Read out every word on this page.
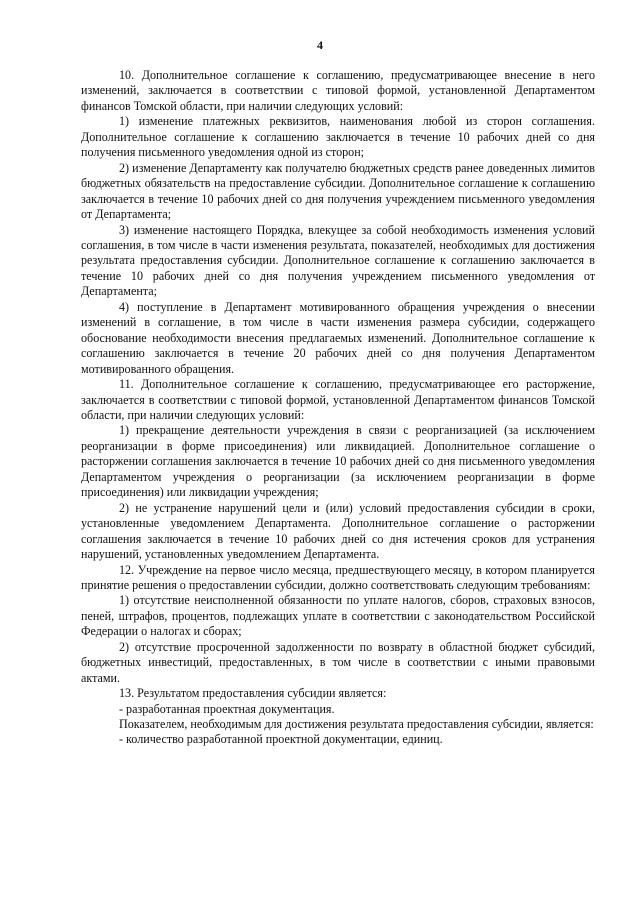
4

10. Дополнительное соглашение к соглашению, предусматривающее внесение в него изменений, заключается в соответствии с типовой формой, установленной Департаментом финансов Томской области, при наличии следующих условий:

1) изменение платежных реквизитов, наименования любой из сторон соглашения. Дополнительное соглашение к соглашению заключается в течение 10 рабочих дней со дня получения письменного уведомления одной из сторон;

2) изменение Департаменту как получателю бюджетных средств ранее доведенных лимитов бюджетных обязательств на предоставление субсидии. Дополнительное соглашение к соглашению заключается в течение 10 рабочих дней со дня получения учреждением письменного уведомления от Департамента;

3) изменение настоящего Порядка, влекущее за собой необходимость изменения условий соглашения, в том числе в части изменения результата, показателей, необходимых для достижения результата предоставления субсидии. Дополнительное соглашение к соглашению заключается в течение 10 рабочих дней со дня получения учреждением письменного уведомления от Департамента;

4) поступление в Департамент мотивированного обращения учреждения о внесении изменений в соглашение, в том числе в части изменения размера субсидии, содержащего обоснование необходимости внесения предлагаемых изменений. Дополнительное соглашение к соглашению заключается в течение 20 рабочих дней со дня получения Департаментом мотивированного обращения.

11. Дополнительное соглашение к соглашению, предусматривающее его расторжение, заключается в соответствии с типовой формой, установленной Департаментом финансов Томской области, при наличии следующих условий:

1) прекращение деятельности учреждения в связи с реорганизацией (за исключением реорганизации в форме присоединения) или ликвидацией. Дополнительное соглашение о расторжении соглашения заключается в течение 10 рабочих дней со дня письменного уведомления Департаментом учреждения о реорганизации (за исключением реорганизации в форме присоединения) или ликвидации учреждения;

2) не устранение нарушений цели и (или) условий предоставления субсидии в сроки, установленные уведомлением Департамента. Дополнительное соглашение о расторжении соглашения заключается в течение 10 рабочих дней со дня истечения сроков для устранения нарушений, установленных уведомлением Департамента.

12. Учреждение на первое число месяца, предшествующего месяцу, в котором планируется принятие решения о предоставлении субсидии, должно соответствовать следующим требованиям:

1) отсутствие неисполненной обязанности по уплате налогов, сборов, страховых взносов, пеней, штрафов, процентов, подлежащих уплате в соответствии с законодательством Российской Федерации о налогах и сборах;

2) отсутствие просроченной задолженности по возврату в областной бюджет субсидий, бюджетных инвестиций, предоставленных, в том числе в соответствии с иными правовыми актами.

13. Результатом предоставления субсидии является:

- разработанная проектная документация.

Показателем, необходимым для достижения результата предоставления субсидии, является:

- количество разработанной проектной документации, единиц.
